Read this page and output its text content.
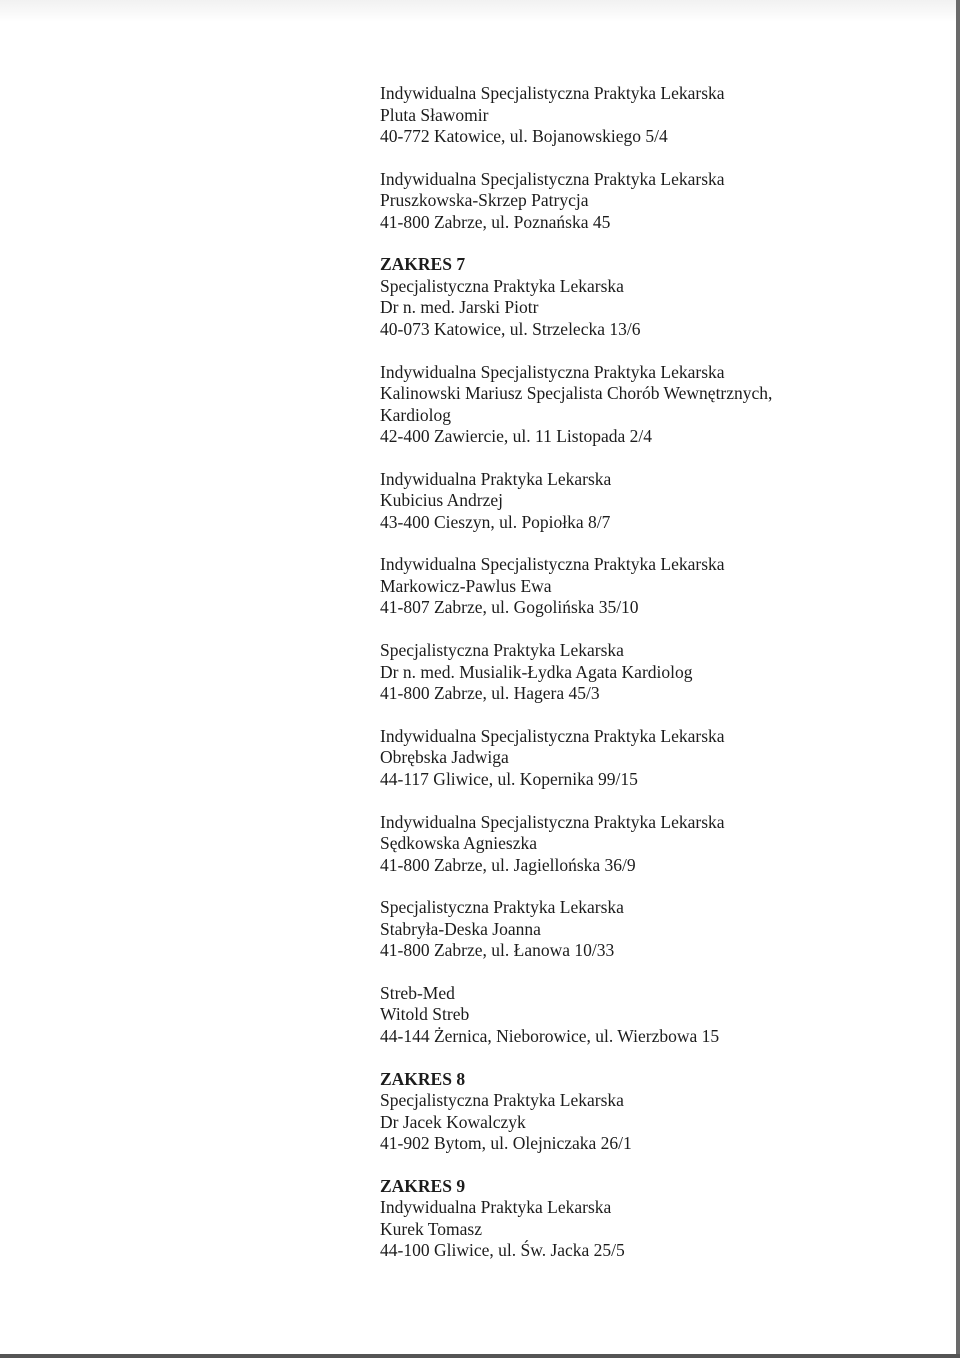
Indywidualna Specjalistyczna Praktyka Lekarska

Pluta Sławomir

40-772 Katowice, ul. Bojanowskiego 5/4

Indywidualna Specjalistyczna Praktyka Lekarska

Pruszkowska-Skrzep Patrycja

41-800 Zabrze, ul. Poznańska 45

ZAKRES 7

Specjalistyczna Praktyka Lekarska

Dr n. med. Jarski Piotr

40-073 Katowice, ul. Strzelecka 13/6

Indywidualna Specjalistyczna Praktyka Lekarska

Kalinowski Mariusz Specjalista Chorób Wewnętrznych,

Kardiolog

42-400 Zawiercie, ul. 11 Listopada 2/4

Indywidualna Praktyka Lekarska

Kubicius Andrzej

43-400 Cieszyn, ul. Popiołka 8/7

Indywidualna Specjalistyczna Praktyka Lekarska

Markowicz-Pawlus Ewa

41-807 Zabrze, ul. Gogolińska 35/10

Specjalistyczna Praktyka Lekarska

Dr n. med. Musialik-Łydka Agata Kardiolog

41-800 Zabrze, ul. Hagera 45/3

Indywidualna Specjalistyczna Praktyka Lekarska

Obrębska Jadwiga

44-117 Gliwice, ul. Kopernika 99/15

Indywidualna Specjalistyczna Praktyka Lekarska

Sędkowska Agnieszka

41-800 Zabrze, ul. Jagiellońska 36/9

Specjalistyczna Praktyka Lekarska

Stabryła-Deska Joanna

41-800 Zabrze, ul. Łanowa 10/33

Streb-Med

Witold Streb

44-144 Żernica, Nieborowice, ul. Wierzbowa 15

ZAKRES 8

Specjalistyczna Praktyka Lekarska

Dr Jacek Kowalczyk

41-902 Bytom, ul. Olejniczaka 26/1

ZAKRES 9

Indywidualna Praktyka Lekarska

Kurek Tomasz

44-100 Gliwice, ul. Św. Jacka 25/5
